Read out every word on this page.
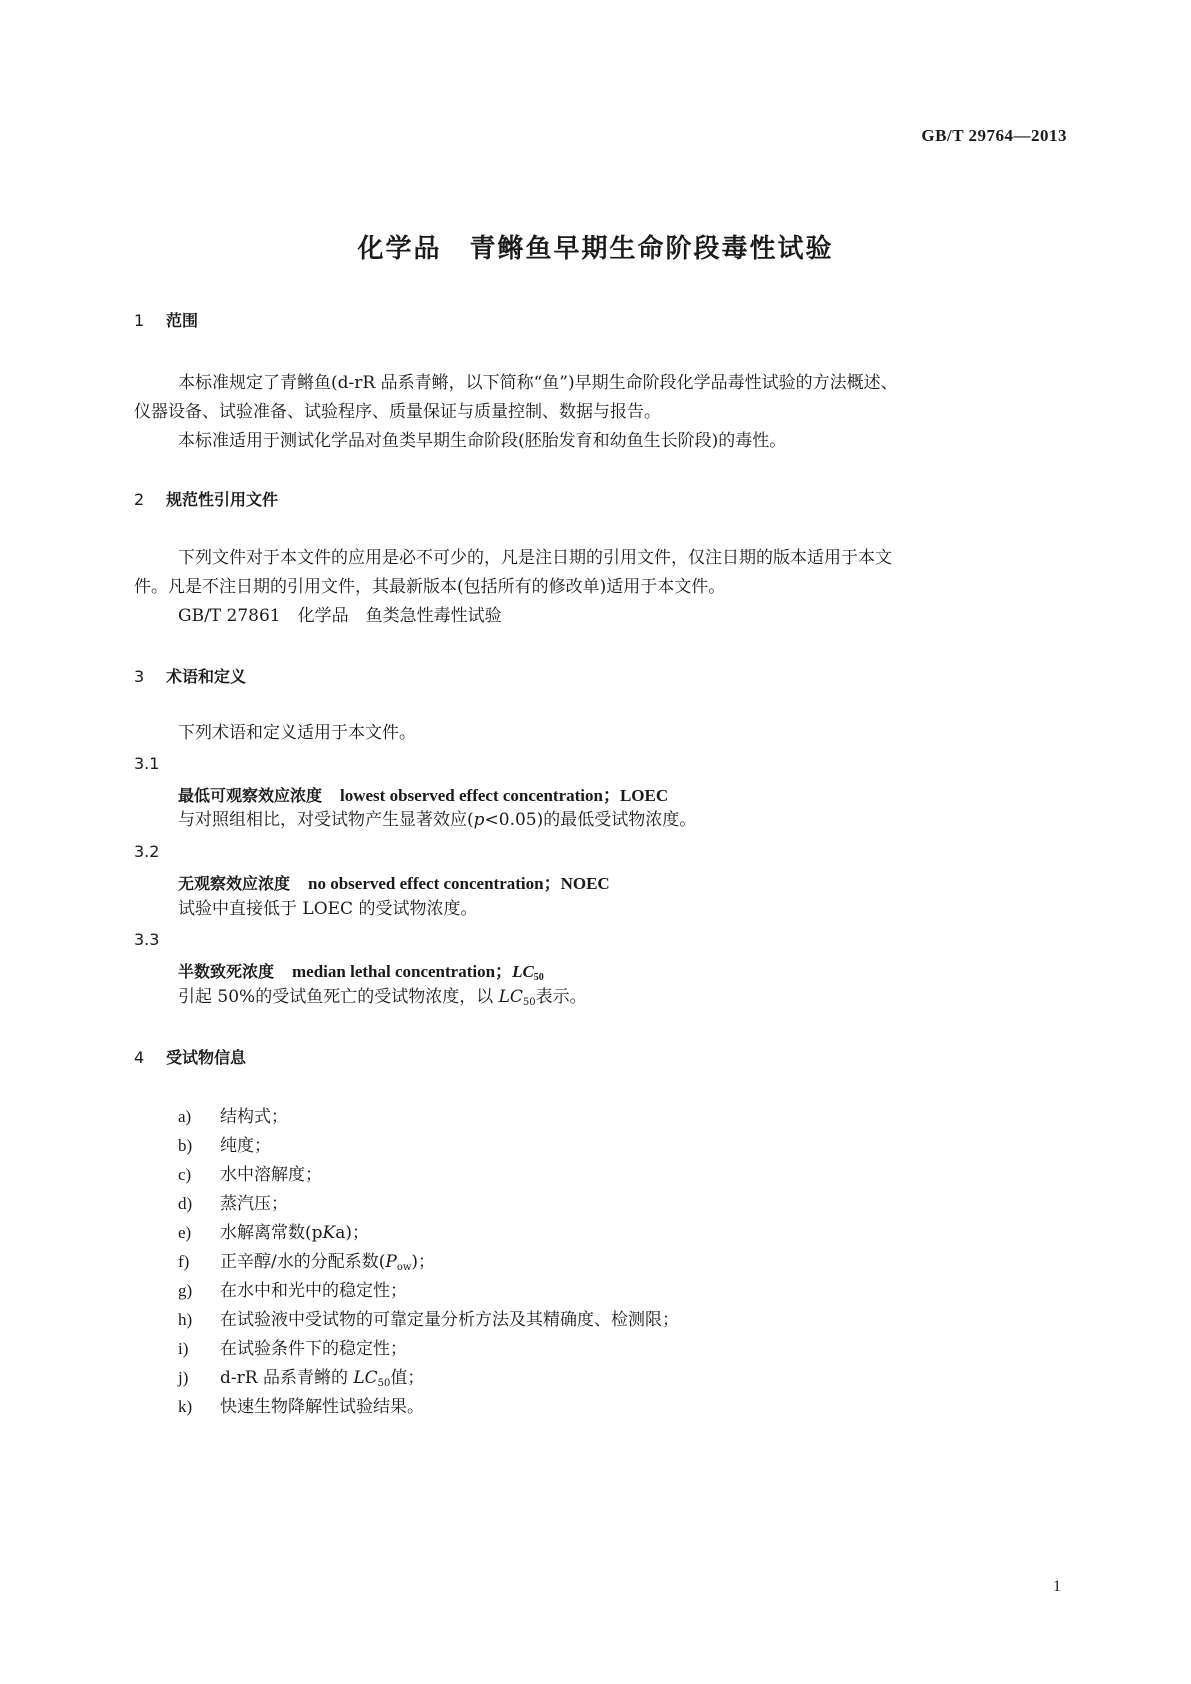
GB/T 29764—2013
化学品　青鳉鱼早期生命阶段毒性试验
1 范围
本标准规定了青鳉鱼(d-rR 品系青鳉，以下简称“鱼”)早期生命阶段化学品毒性试验的方法概述、
仪器设备、试验准备、试验程序、质量保证与质量控制、数据与报告。
本标准适用于测试化学品对鱼类早期生命阶段(胚胎发育和幼鱼生长阶段)的毒性。
2 规范性引用文件
下列文件对于本文件的应用是必不可少的，凡是注日期的引用文件，仅注日期的版本适用于本文
件。凡是不注日期的引用文件，其最新版本(包括所有的修改单)适用于本文件。
GB/T 27861　化学品　鱼类急性毒性试验
3 术语和定义
下列术语和定义适用于本文件。
3.1
最低可观察效应浓度 lowest observed effect concentration；LOEC
与对照组相比，对受试物产生显著效应(p<0.05)的最低受试物浓度。
3.2
无观察效应浓度 no observed effect concentration；NOEC
试验中直接低于 LOEC 的受试物浓度。
3.3
半数致死浓度 median lethal concentration；$LC_{50}$
引起 50%的受试鱼死亡的受试物浓度，以 $LC_{50}$表示。
4 受试物信息
a) 结构式；
b) 纯度；
c) 水中溶解度；
d) 蒸汽压；
e) 水解离常数(pKa)；
f) 正辛醇/水的分配系数$(P_{ow})$；
g) 在水中和光中的稳定性；
h) 在试验液中受试物的可靠定量分析方法及其精确度、检测限；
i) 在试验条件下的稳定性；
j) d-rR 品系青鳉的 $LC_{50}$值；
k) 快速生物降解性试验结果。
1
